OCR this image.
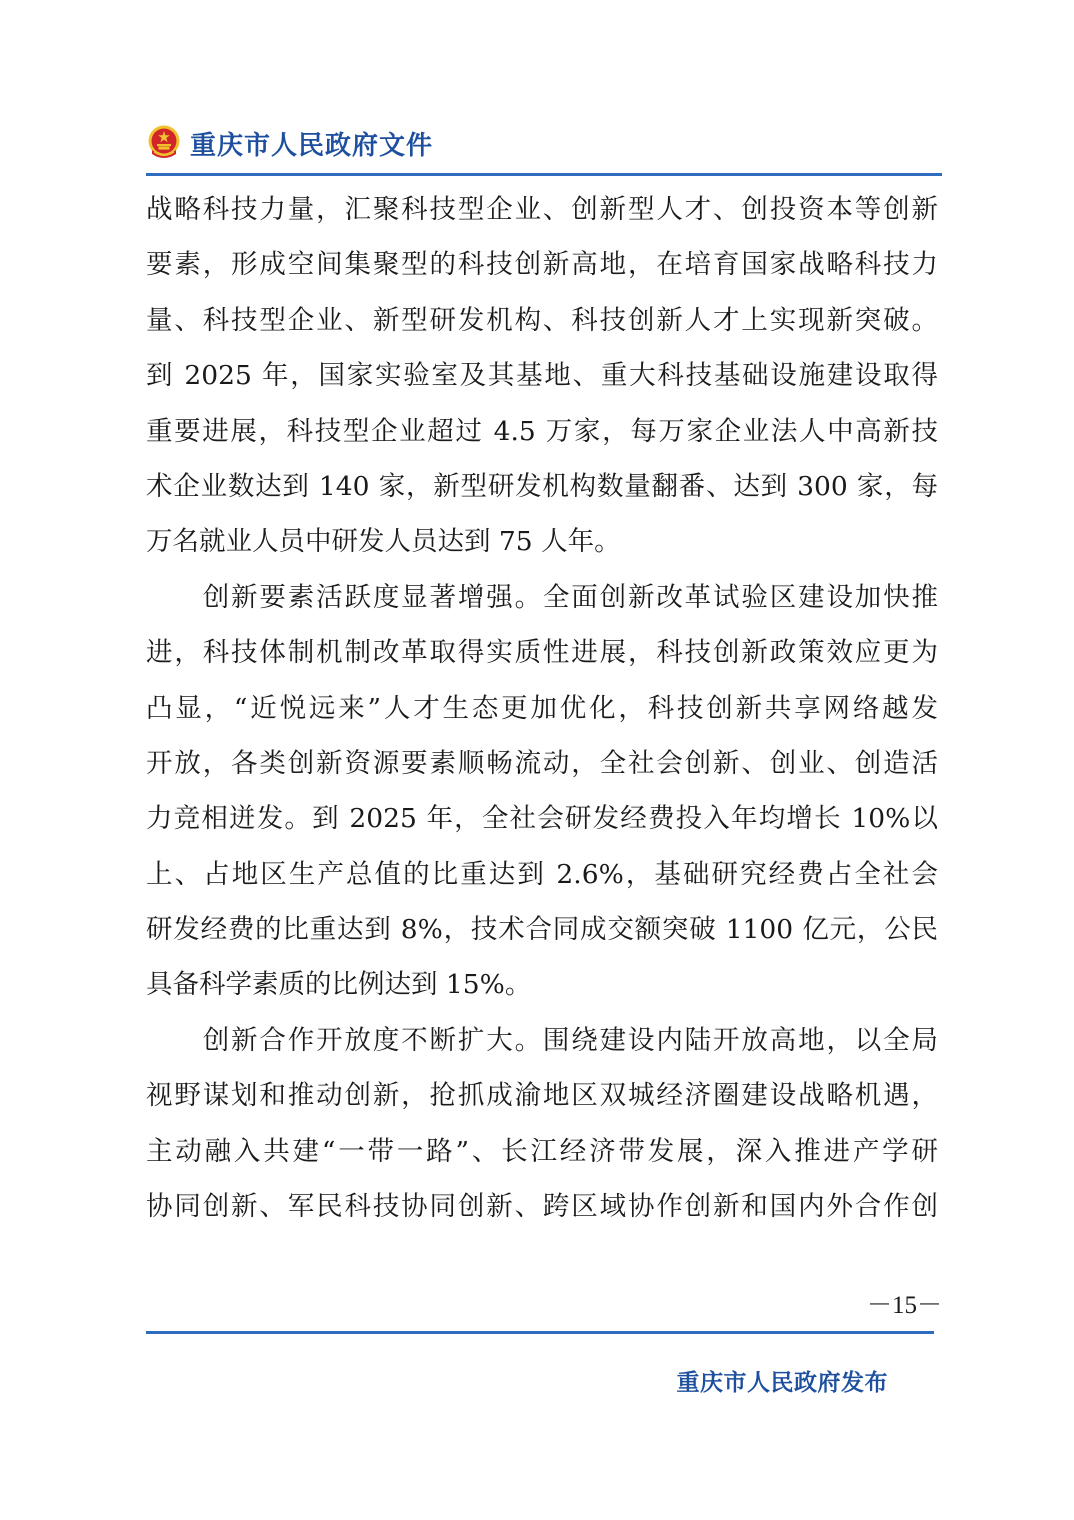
重庆市人民政府文件
战略科技力量，汇聚科技型企业、创新型人才、创投资本等创新
要素，形成空间集聚型的科技创新高地，在培育国家战略科技力
量、科技型企业、新型研发机构、科技创新人才上实现新突破。
到 2025 年，国家实验室及其基地、重大科技基础设施建设取得
重要进展，科技型企业超过 4.5 万家，每万家企业法人中高新技
术企业数达到 140 家，新型研发机构数量翻番、达到 300 家，每
万名就业人员中研发人员达到 75 人年。
　　创新要素活跃度显著增强。全面创新改革试验区建设加快推
进，科技体制机制改革取得实质性进展，科技创新政策效应更为
凸显，“近悦远来”人才生态更加优化，科技创新共享网络越发
开放，各类创新资源要素顺畅流动，全社会创新、创业、创造活
力竞相迸发。到 2025 年，全社会研发经费投入年均增长 10%以
上、占地区生产总值的比重达到 2.6%，基础研究经费占全社会
研发经费的比重达到 8%，技术合同成交额突破 1100 亿元，公民
具备科学素质的比例达到 15%。
　　创新合作开放度不断扩大。围绕建设内陆开放高地，以全局
视野谋划和推动创新，抢抓成渝地区双城经济圈建设战略机遇，
主动融入共建“一带一路”、长江经济带发展，深入推进产学研
协同创新、军民科技协同创新、跨区域协作创新和国内外合作创
－15－
重庆市人民政府发布
